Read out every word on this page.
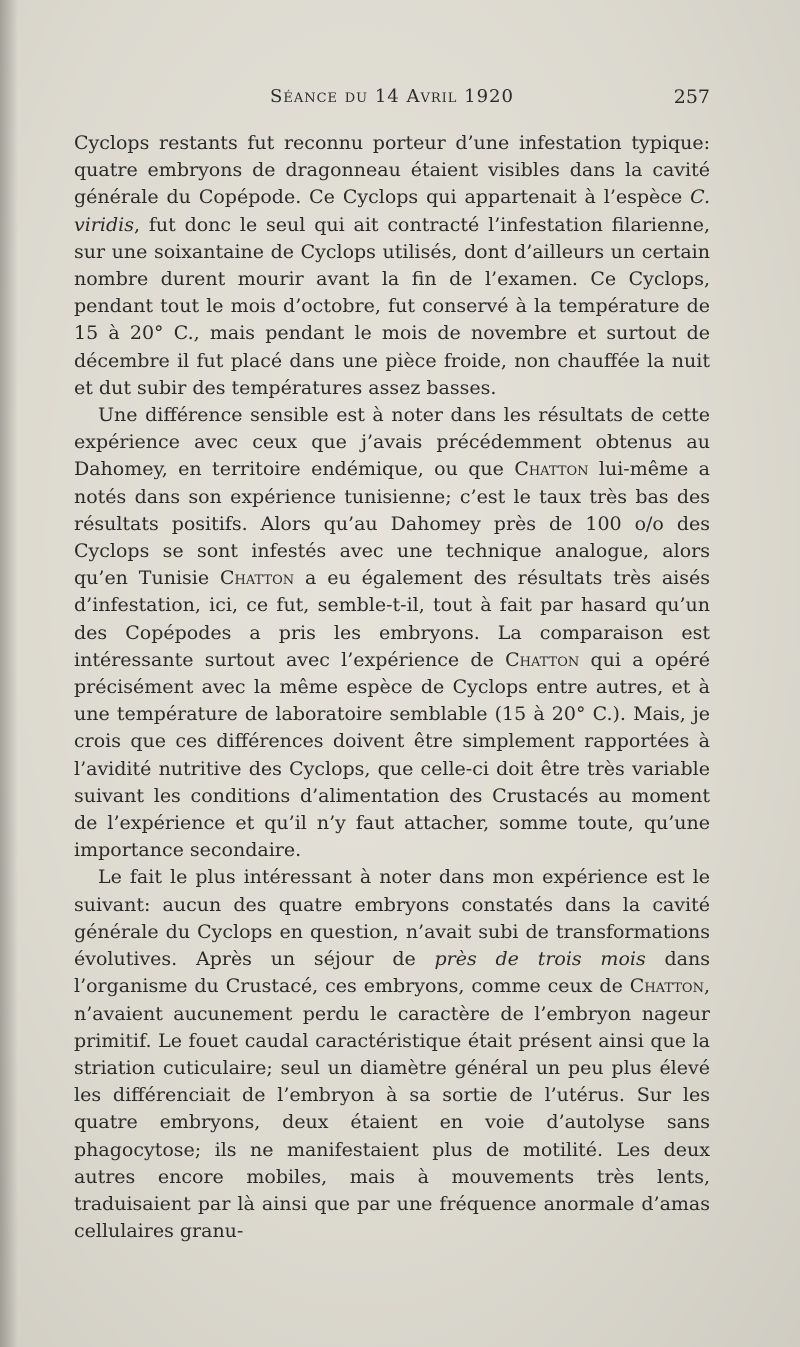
Séance du 14 Avril 1920	257

Cyclops restants fut reconnu porteur d’une infestation typique: quatre embryons de dragonneau étaient visibles dans la cavité générale du Copépode. Ce Cyclops qui appartenait à l’espèce C. viridis, fut donc le seul qui ait contracté l’infestation filarienne, sur une soixantaine de Cyclops utilisés, dont d’ailleurs un certain nombre durent mourir avant la fin de l’examen. Ce Cyclops, pendant tout le mois d’octobre, fut conservé à la température de 15 à 20° C., mais pendant le mois de novembre et surtout de décembre il fut placé dans une pièce froide, non chauffée la nuit et dut subir des températures assez basses.

Une différence sensible est à noter dans les résultats de cette expérience avec ceux que j’avais précédemment obtenus au Dahomey, en territoire endémique, ou que Chatton lui-même a notés dans son expérience tunisienne; c’est le taux très bas des résultats positifs. Alors qu’au Dahomey près de 100 o/o des Cyclops se sont infestés avec une technique analogue, alors qu’en Tunisie Chatton a eu également des résultats très aisés d’infestation, ici, ce fut, semble-t-il, tout à fait par hasard qu’un des Copépodes a pris les embryons. La comparaison est intéressante surtout avec l’expérience de Chatton qui a opéré précisément avec la même espèce de Cyclops entre autres, et à une température de laboratoire semblable (15 à 20° C.). Mais, je crois que ces différences doivent être simplement rapportées à l’avidité nutritive des Cyclops, que celle-ci doit être très variable suivant les conditions d’alimentation des Crustacés au moment de l’expérience et qu’il n’y faut attacher, somme toute, qu’une importance secondaire.

Le fait le plus intéressant à noter dans mon expérience est le suivant: aucun des quatre embryons constatés dans la cavité générale du Cyclops en question, n’avait subi de transformations évolutives. Après un séjour de près de trois mois dans l’organisme du Crustacé, ces embryons, comme ceux de Chatton, n’avaient aucunement perdu le caractère de l’embryon nageur primitif. Le fouet caudal caractéristique était présent ainsi que la striation cuticulaire; seul un diamètre général un peu plus élevé les différenciait de l’embryon à sa sortie de l’utérus. Sur les quatre embryons, deux étaient en voie d’autolyse sans phagocytose; ils ne manifestaient plus de motilité. Les deux autres encore mobiles, mais à mouvements très lents, traduisaient par là ainsi que par une fréquence anormale d’amas cellulaires granu-
